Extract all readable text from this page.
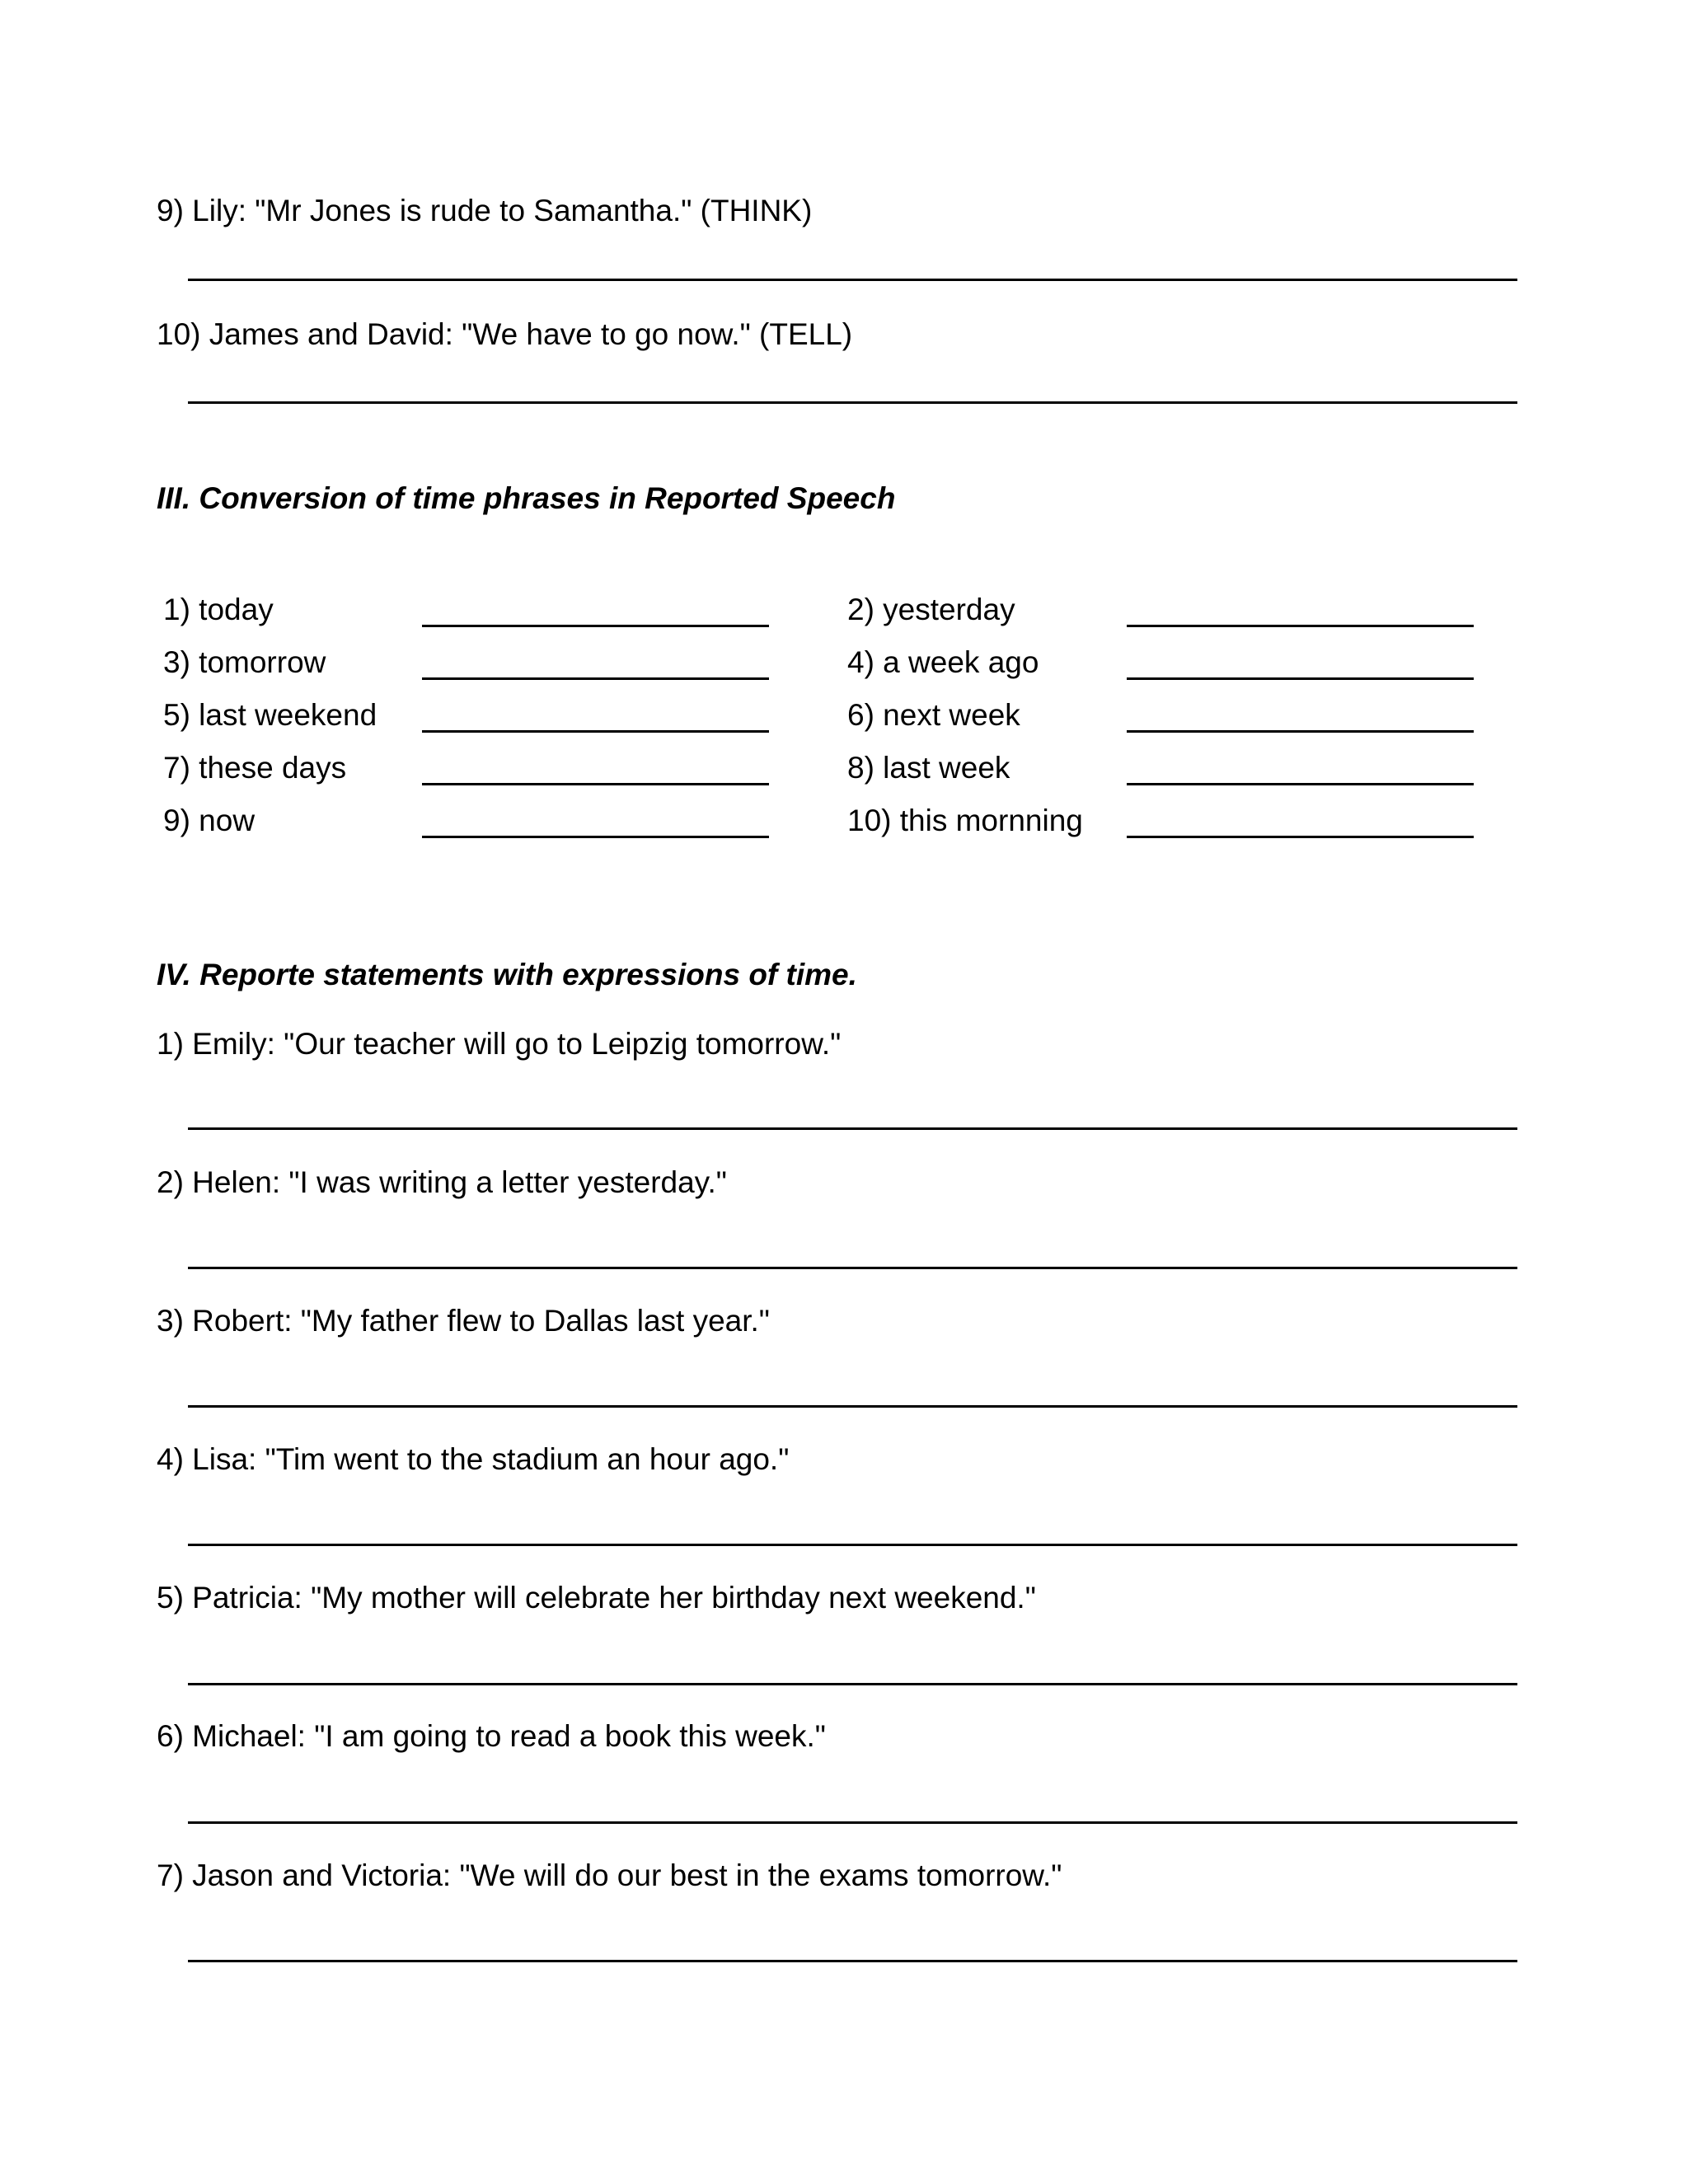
9) Lily: "Mr Jones is rude to Samantha." (THINK)
10) James and David: "We have to go now." (TELL)
III. Conversion of time phrases in Reported Speech
1) today	2) yesterday
3) tomorrow	4) a week ago
5) last weekend	6) next week
7) these days	8) last week
9) now	10) this mornning
IV. Reporte statements with expressions of time.
1) Emily: "Our teacher will go to Leipzig tomorrow."
2) Helen: "I was writing a letter yesterday."
3) Robert: "My father flew to Dallas last year."
4) Lisa: "Tim went to the stadium an hour ago."
5) Patricia: "My mother will celebrate her birthday next weekend."
6) Michael: "I am going to read a book this week."
7) Jason and Victoria: "We will do our best in the exams tomorrow."
